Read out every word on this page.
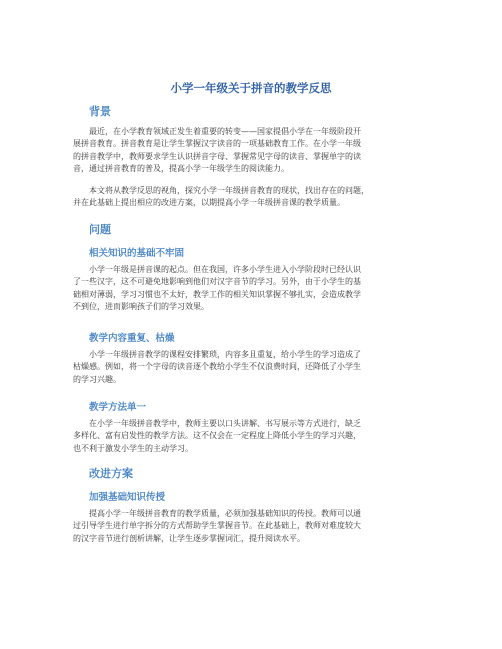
小学一年级关于拼音的教学反思
背景

　　最近，在小学教育领域正发生着重要的转变——国家提倡小学在一年级阶段开
展拼音教育。拼音教育是让学生掌握汉字读音的一项基础教育工作。在小学一年级
的拼音教学中，教师要求学生认识拼音字母、掌握常见字母的读音、掌握单字的读
音，通过拼音教育的普及，提高小学一年级学生的阅读能力。

　　本文将从教学反思的视角，探究小学一年级拼音教育的现状，找出存在的问题，
并在此基础上提出相应的改进方案，以期提高小学一年级拼音课的教学质量。

问题
相关知识的基础不牢固

　　小学一年级是拼音课的起点。但在我国，许多小学生进入小学阶段时已经认识
了一些汉字，这不可避免地影响到他们对汉字音节的学习。另外，由于小学生的基
础相对薄弱，学习习惯也不太好，教学工作的相关知识掌握不够扎实，会造成教学
不到位，进而影响孩子们的学习效果。

教学内容重复、枯燥

　　小学一年级拼音教学的课程安排繁琐，内容多且重复，给小学生的学习造成了
枯燥感。例如，将一个字母的读音逐个教给小学生不仅浪费时间，还降低了小学生
的学习兴趣。

教学方法单一

　　在小学一年级拼音教学中，教师主要以口头讲解、书写展示等方式进行，缺乏
多样化、富有启发性的教学方法。这不仅会在一定程度上降低小学生的学习兴趣，
也不利于激发小学生的主动学习。

改进方案
加强基础知识传授

　　提高小学一年级拼音教育的教学质量，必须加强基础知识的传授。教师可以通
过引导学生进行单字拆分的方式帮助学生掌握音节。在此基础上，教师对难度较大
的汉字音节进行剖析讲解，让学生逐步掌握词汇，提升阅读水平。
